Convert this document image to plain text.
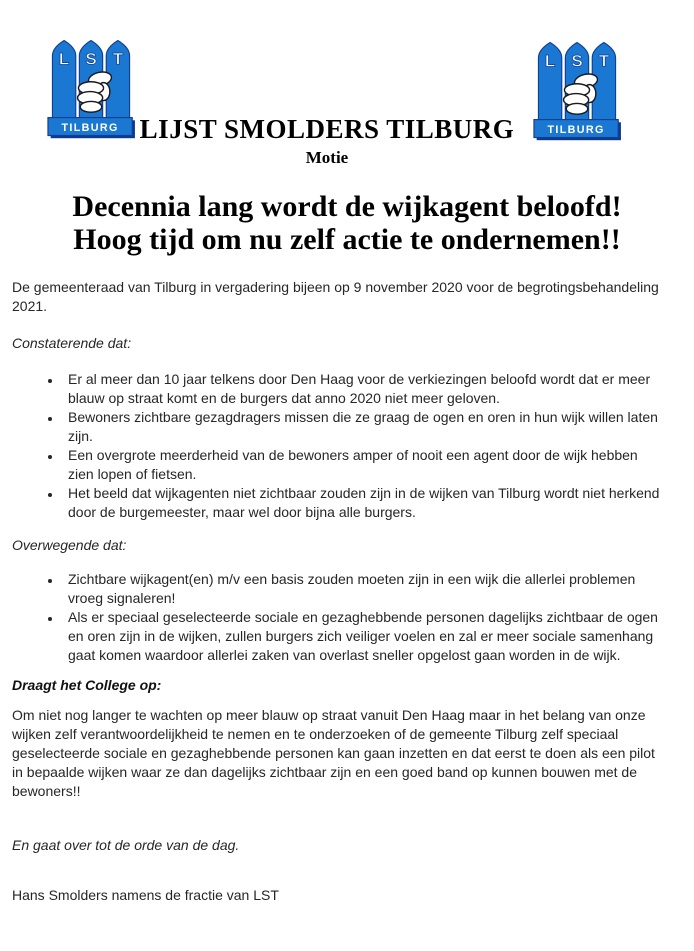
L S T
TILBURG
L S T
TILBURG
LIJST SMOLDERS TILBURG
Motie
Decennia lang wordt de wijkagent beloofd!
Hoog tijd om nu zelf actie te ondernemen!!

De gemeenteraad van Tilburg in vergadering bijeen op 9 november 2020 voor de begrotingsbehandeling 2021.

Constaterende dat:

• Er al meer dan 10 jaar telkens door Den Haag voor de verkiezingen beloofd wordt dat er meer blauw op straat komt en de burgers dat anno 2020 niet meer geloven.
• Bewoners zichtbare gezagdragers missen die ze graag de ogen en oren in hun wijk willen laten zijn.
• Een overgrote meerderheid van de bewoners amper of nooit een agent door de wijk hebben zien lopen of fietsen.
• Het beeld dat wijkagenten niet zichtbaar zouden zijn in de wijken van Tilburg wordt niet herkend door de burgemeester, maar wel door bijna alle burgers.

Overwegende dat:

• Zichtbare wijkagent(en) m/v een basis zouden moeten zijn in een wijk die allerlei problemen vroeg signaleren!
• Als er speciaal geselecteerde sociale en gezaghebbende personen dagelijks zichtbaar de ogen en oren zijn in de wijken, zullen burgers zich veiliger voelen en zal er meer sociale samenhang gaat komen waardoor allerlei zaken van overlast sneller opgelost gaan worden in de wijk.

Draagt het College op:

Om niet nog langer te wachten op meer blauw op straat vanuit Den Haag maar in het belang van onze wijken zelf verantwoordelijkheid te nemen en te onderzoeken of de gemeente Tilburg zelf speciaal geselecteerde sociale en gezaghebbende personen kan gaan inzetten en dat eerst te doen als een pilot in bepaalde wijken waar ze dan dagelijks zichtbaar zijn en een goed band op kunnen bouwen met de bewoners!!

En gaat over tot de orde van de dag.

Hans Smolders namens de fractie van LST
